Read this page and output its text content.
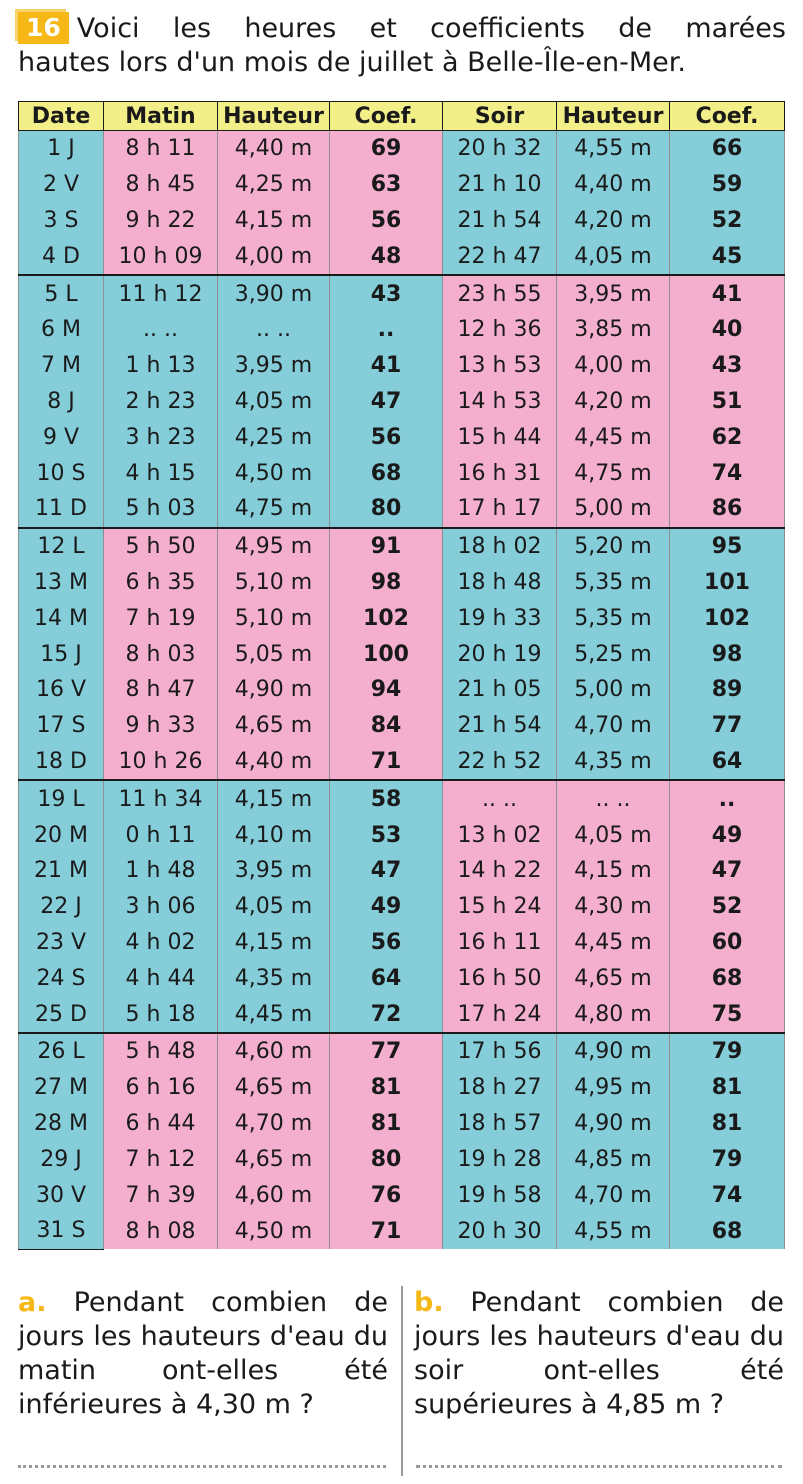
16 Voici les heures et coefficients de marées
hautes lors d'un mois de juillet à Belle-Île-en-Mer.
Date	Matin	Hauteur	Coef.	Soir	Hauteur	Coef.
1 J	8 h 11	4,40 m	69	20 h 32	4,55 m	66
2 V	8 h 45	4,25 m	63	21 h 10	4,40 m	59
3 S	9 h 22	4,15 m	56	21 h 54	4,20 m	52
4 D	10 h 09	4,00 m	48	22 h 47	4,05 m	45
5 L	11 h 12	3,90 m	43	23 h 55	3,95 m	41
6 M	.. ..	.. ..	..	12 h 36	3,85 m	40
7 M	1 h 13	3,95 m	41	13 h 53	4,00 m	43
8 J	2 h 23	4,05 m	47	14 h 53	4,20 m	51
9 V	3 h 23	4,25 m	56	15 h 44	4,45 m	62
10 S	4 h 15	4,50 m	68	16 h 31	4,75 m	74
11 D	5 h 03	4,75 m	80	17 h 17	5,00 m	86
12 L	5 h 50	4,95 m	91	18 h 02	5,20 m	95
13 M	6 h 35	5,10 m	98	18 h 48	5,35 m	101
14 M	7 h 19	5,10 m	102	19 h 33	5,35 m	102
15 J	8 h 03	5,05 m	100	20 h 19	5,25 m	98
16 V	8 h 47	4,90 m	94	21 h 05	5,00 m	89
17 S	9 h 33	4,65 m	84	21 h 54	4,70 m	77
18 D	10 h 26	4,40 m	71	22 h 52	4,35 m	64
19 L	11 h 34	4,15 m	58	.. ..	.. ..	..
20 M	0 h 11	4,10 m	53	13 h 02	4,05 m	49
21 M	1 h 48	3,95 m	47	14 h 22	4,15 m	47
22 J	3 h 06	4,05 m	49	15 h 24	4,30 m	52
23 V	4 h 02	4,15 m	56	16 h 11	4,45 m	60
24 S	4 h 44	4,35 m	64	16 h 50	4,65 m	68
25 D	5 h 18	4,45 m	72	17 h 24	4,80 m	75
26 L	5 h 48	4,60 m	77	17 h 56	4,90 m	79
27 M	6 h 16	4,65 m	81	18 h 27	4,95 m	81
28 M	6 h 44	4,70 m	81	18 h 57	4,90 m	81
29 J	7 h 12	4,65 m	80	19 h 28	4,85 m	79
30 V	7 h 39	4,60 m	76	19 h 58	4,70 m	74
31 S	8 h 08	4,50 m	71	20 h 30	4,55 m	68
a. Pendant combien de jours les hauteurs d'eau du matin ont-elles été inférieures à 4,30 m ?
b. Pendant combien de jours les hauteurs d'eau du soir ont-elles été supérieures à 4,85 m ?
